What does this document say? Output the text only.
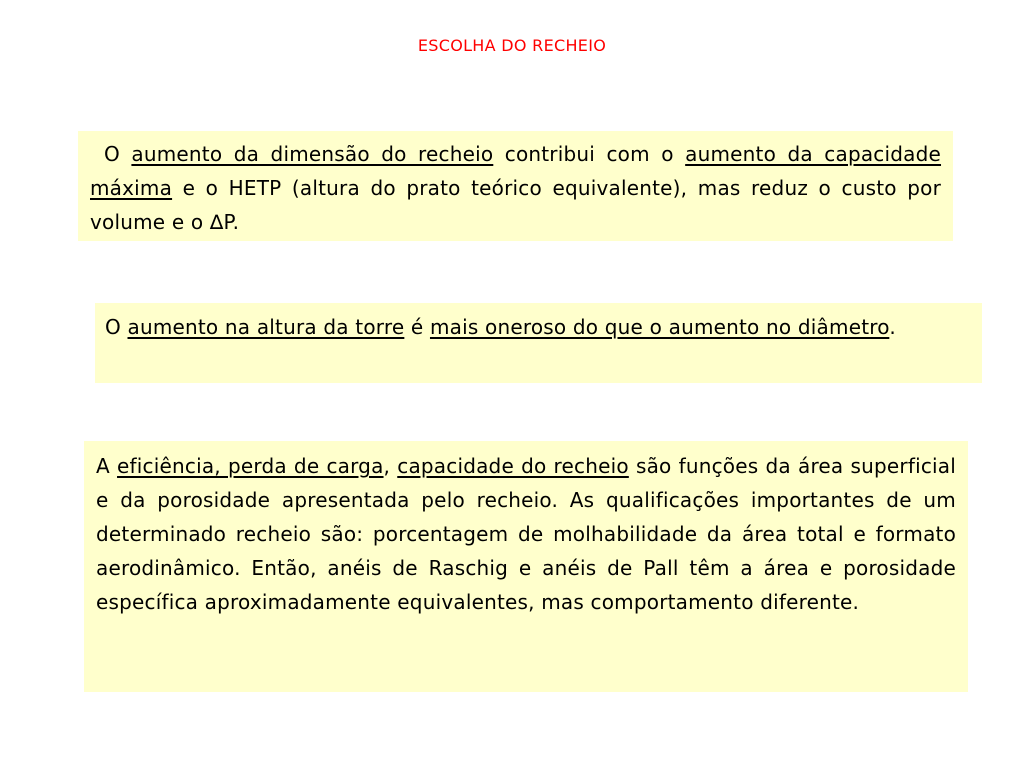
ESCOLHA DO RECHEIO

O aumento da dimensão do recheio contribui com o aumento da capacidade máxima e o HETP (altura do prato teórico equivalente), mas reduz o custo por volume e o ∆P.

O aumento na altura da torre é mais oneroso do que o aumento no diâmetro.

A eficiência, perda de carga, capacidade do recheio são funções da área superficial e da porosidade apresentada pelo recheio. As qualificações importantes de um determinado recheio são: porcentagem de molhabilidade da área total e formato aerodinâmico. Então, anéis de Raschig e anéis de Pall têm a área e porosidade específica aproximadamente equivalentes, mas comportamento diferente.
